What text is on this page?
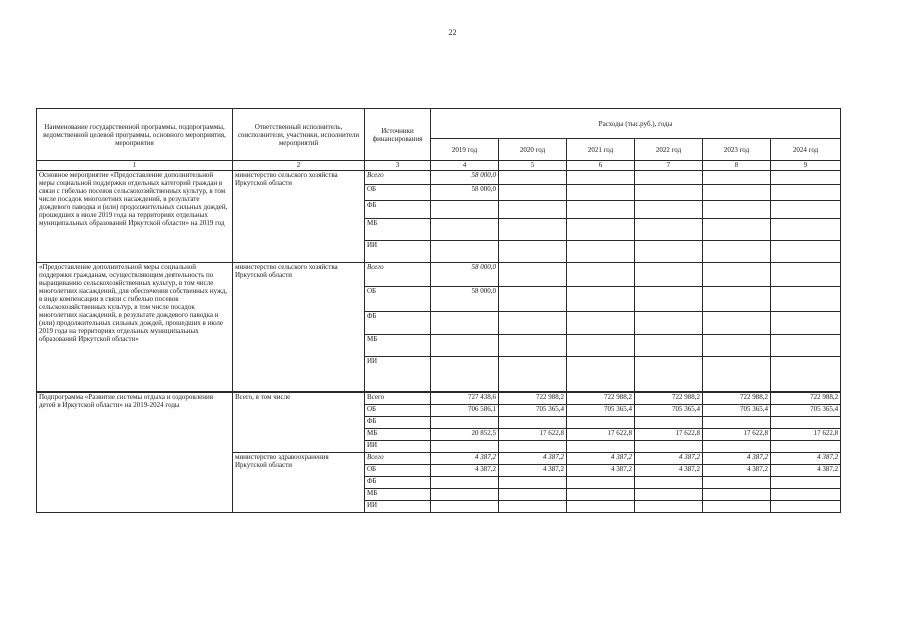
22
Наименование государственной программы, подпрограммы, ведомственной целевой программы, основного мероприятия, мероприятия	Ответственный исполнитель, соисполнители, участники, исполнители мероприятий	Источники финансирования	Расходы (тыс.руб.), годы					
			2019 год	2020 год	2021 год	2022 год	2023 год	2024 год
1	2	3	4	5	6	7	8	9
Основное мероприятие «Предоставление дополнительной меры социальной поддержки отдельных категорий граждан в связи с гибелью посевов сельскохозяйственных культур, в том числе посадок многолетних насаждений, в результате дождевого паводка и (или) продолжительных сильных дождей, прошедших в июле 2019 года на территориях отдельных муниципальных образований Иркутской области» на 2019 год	министерство сельского хозяйства Иркутской области	Всего	58 000,0					
		ОБ	58 000,0					
		ФБ						
		МБ						
		ИИ						
«Предоставление дополнительной меры социальной поддержки гражданам, осуществляющим деятельность по выращиванию сельскохозяйственных культур, в том числе многолетних насаждений, для обеспечения собственных нужд, в виде компенсации в связи с гибелью посевов сельскохозяйственных культур, в том числе посадок многолетних насаждений, в результате дождевого паводка и (или) продолжительных сильных дождей, прошедших в июле 2019 года на территориях отдельных муниципальных образований Иркутской области»	министерство сельского хозяйства Иркутской области	Всего	58 000,0					
		ОБ	58 000,0					
		ФБ						
		МБ						
		ИИ						
Подпрограмма «Развитие системы отдыха и оздоровления детей в Иркутской области» на 2019-2024 годы	Всего, в том числе	Всего	727 438,6	722 988,2	722 988,2	722 988,2	722 988,2	722 988,2
		ОБ	706 586,1	705 365,4	705 365,4	705 365,4	705 365,4	705 365,4
		ФБ						
		МБ	20 852,5	17 622,8	17 622,8	17 622,8	17 622,8	17 622,8
		ИИ						
	министерство здравоохранения Иркутской области	Всего	4 387,2	4 387,2	4 387,2	4 387,2	4 387,2	4 387,2
		ОБ	4 387,2	4 387,2	4 387,2	4 387,2	4 387,2	4 387,2
		ФБ						
		МБ						
		ИИ						
